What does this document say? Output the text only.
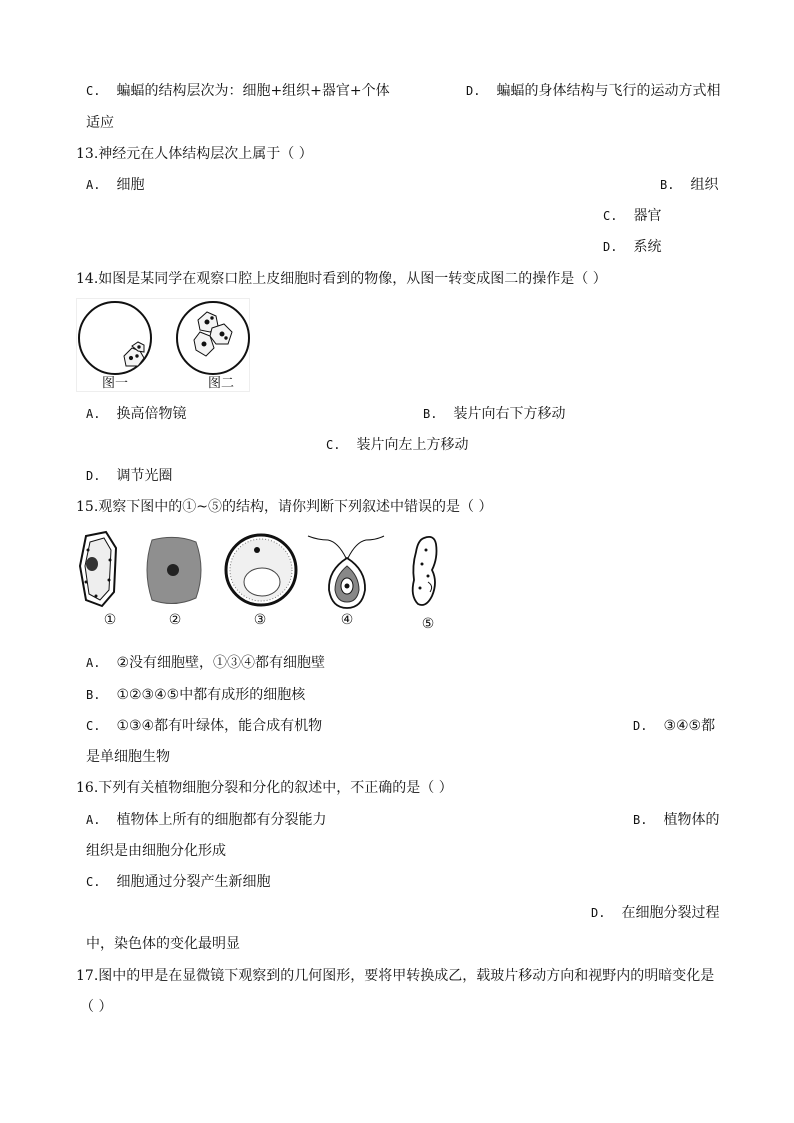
C. 蝙蝠的结构层次为：细胞+组织+器官+个体	D. 蝙蝠的身体结构与飞行的运动方式相
适应
13.神经元在人体结构层次上属于（ ）
A. 细胞	B. 组织
C. 器官
D. 系统
14.如图是某同学在观察口腔上皮细胞时看到的物像，从图一转变成图二的操作是（ ）
图一	图二
A. 换高倍物镜	B. 装片向右下方移动
C. 装片向左上方移动
D. 调节光圈
15.观察下图中的①~⑤的结构，请你判断下列叙述中错误的是（ ）
①	②	③	④	⑤
A. ②没有细胞壁，①③④都有细胞壁
B. ①②③④⑤中都有成形的细胞核
C. ①③④都有叶绿体，能合成有机物	D. ③④⑤都
是单细胞生物
16.下列有关植物细胞分裂和分化的叙述中，不正确的是（ ）
A. 植物体上所有的细胞都有分裂能力	B. 植物体的
组织是由细胞分化形成
C. 细胞通过分裂产生新细胞
D. 在细胞分裂过程
中，染色体的变化最明显
17.图中的甲是在显微镜下观察到的几何图形，要将甲转换成乙，载玻片移动方向和视野内的明暗变化是
（ ）
